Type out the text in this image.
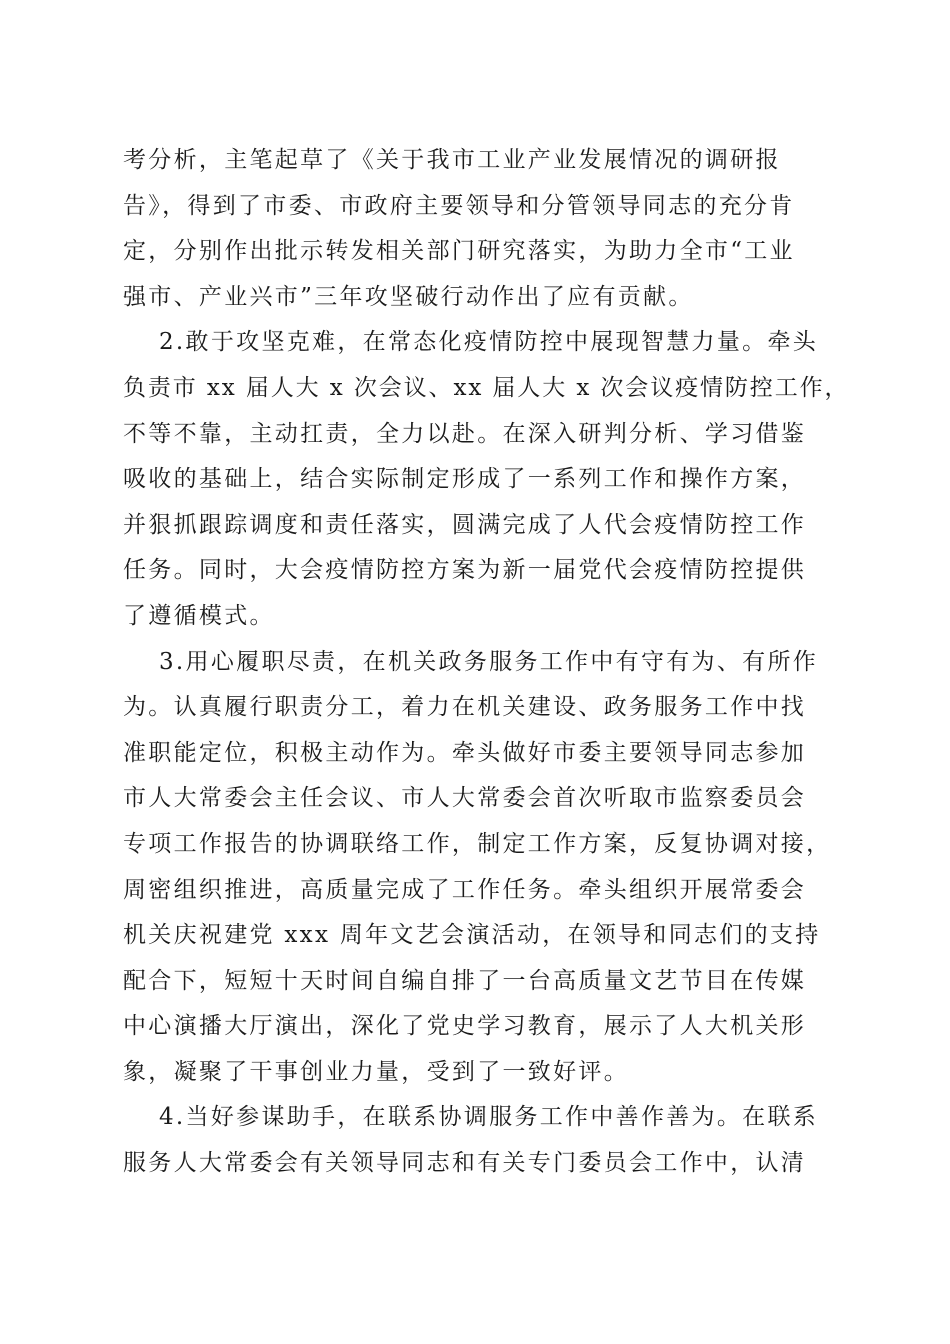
考分析，主笔起草了《关于我市工业产业发展情况的调研报
告》，得到了市委、市政府主要领导和分管领导同志的充分肯
定，分别作出批示转发相关部门研究落实，为助力全市“工业
强市、产业兴市”三年攻坚破行动作出了应有贡献。
2.敢于攻坚克难，在常态化疫情防控中展现智慧力量。牵头
负责市 xx 届人大 x 次会议、xx 届人大 x 次会议疫情防控工作，
不等不靠，主动扛责，全力以赴。在深入研判分析、学习借鉴
吸收的基础上，结合实际制定形成了一系列工作和操作方案，
并狠抓跟踪调度和责任落实，圆满完成了人代会疫情防控工作
任务。同时，大会疫情防控方案为新一届党代会疫情防控提供
了遵循模式。
3.用心履职尽责，在机关政务服务工作中有守有为、有所作
为。认真履行职责分工，着力在机关建设、政务服务工作中找
准职能定位，积极主动作为。牵头做好市委主要领导同志参加
市人大常委会主任会议、市人大常委会首次听取市监察委员会
专项工作报告的协调联络工作，制定工作方案，反复协调对接，
周密组织推进，高质量完成了工作任务。牵头组织开展常委会
机关庆祝建党 xxx 周年文艺会演活动，在领导和同志们的支持
配合下，短短十天时间自编自排了一台高质量文艺节目在传媒
中心演播大厅演出，深化了党史学习教育，展示了人大机关形
象，凝聚了干事创业力量，受到了一致好评。
4.当好参谋助手，在联系协调服务工作中善作善为。在联系
服务人大常委会有关领导同志和有关专门委员会工作中，认清
